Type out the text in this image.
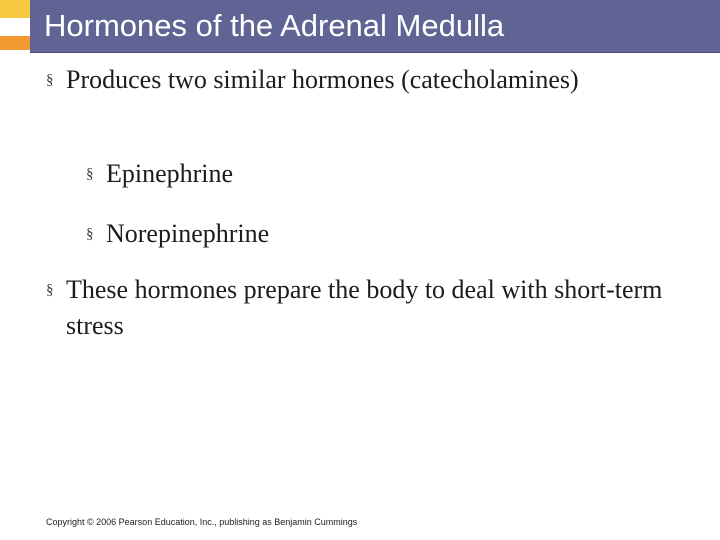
Hormones of the Adrenal Medulla
§ Produces two similar hormones (catecholamines)
§ Epinephrine
§ Norepinephrine
§ These hormones prepare the body to deal with short-term stress
Copyright © 2006 Pearson Education, Inc., publishing as Benjamin Cummings
